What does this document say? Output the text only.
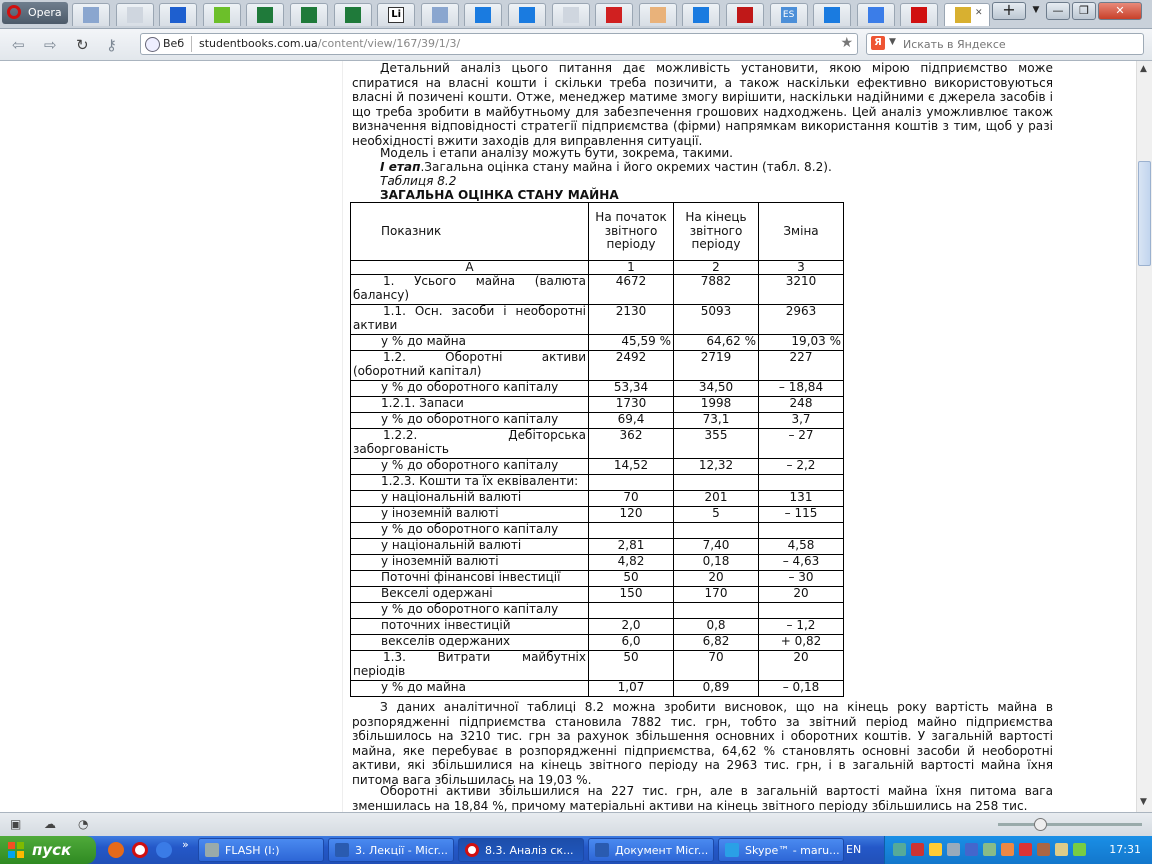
Opera	Li	ES	✕	+	▼	—	❐	✕
⇦ ⇨ ↻ ⚷	Веб studentbooks.com.ua/content/view/167/39/1/3/	★	Я ▼
Искать в Яндексе

Детальний аналіз цього питання дає можливість установити, якою мірою підприємство може спиратися на власні кошти і скільки треба позичити, а також наскільки ефективно використовуються власні й позичені кошти. Отже, менеджер матиме змогу вирішити, наскільки надійними є джерела засобів і що треба зробити в майбутньому для забезпечення грошових надходжень. Цей аналіз уможливлює також визначення відповідності стратегії підприємства (фірми) напрямкам використання коштів з тим, щоб у разі необхідності вжити заходів для виправлення ситуації.

Модель і етапи аналізу можуть бути, зокрема, такими.
І етап.Загальна оцінка стану майна і його окремих частин (табл. 8.2).
Таблиця 8.2
ЗАГАЛЬНА ОЦІНКА СТАНУ МАЙНА
Показник	На початок звітного періоду	На кінець звітного періоду	Зміна
А	1	2	3
1. Усього майна (валюта балансу)	4672	7882	3210
1.1. Осн. засоби і необоротні активи	2130	5093	2963
у % до майна	45,59 %	64,62 %	19,03 %
1.2. Оборотні активи (оборотний капітал)	2492	2719	227
у % до оборотного капіталу	53,34	34,50	– 18,84
1.2.1. Запаси	1730	1998	248
у % до оборотного капіталу	69,4	73,1	3,7
1.2.2. Дебіторська заборгованість	362	355	– 27
у % до оборотного капіталу	14,52	12,32	– 2,2
1.2.3. Кошти та їх еквіваленти:			
у національній валюті	70	201	131
у іноземній валюті	120	5	– 115
у % до оборотного капіталу			
у національній валюті	2,81	7,40	4,58
у іноземній валюті	4,82	0,18	– 4,63
Поточні фінансові інвестиції	50	20	– 30
Векселі одержані	150	170	20
у % до оборотного капіталу			
поточних інвестицій	2,0	0,8	– 1,2
векселів одержаних	6,0	6,82	+ 0,82
1.3. Витрати майбутніх періодів	50	70	20
у % до майна	1,07	0,89	– 0,18

З даних аналітичної таблиці 8.2 можна зробити висновок, що на кінець року вартість майна в розпорядженні підприємства становила 7882 тис. грн, тобто за звітний період майно підприємства збільшилось на 3210 тис. грн за рахунок збільшення основних і оборотних коштів. У загальній вартості майна, яке перебуває в розпорядженні підприємства, 64,62 % становлять основні засоби й необоротні активи, які збільшилися на кінець звітного періоду на 2963 тис. грн, і в загальній вартості майна їхня питома вага збільшилась на 19,03 %.

Оборотні активи збільшилися на 227 тис. грн, але в загальній вартості майна їхня питома вага зменшилась на 18,84 %, причому матеріальні активи на кінець звітного періоду збільшились на 258 тис.

▲
▼
▣ ☁ ◔
пуск	»	FLASH (I:)	3. Лекції - Micr...	8.3. Аналіз ск...	Документ Micr...	Skype™ - maru... EN	17:31
